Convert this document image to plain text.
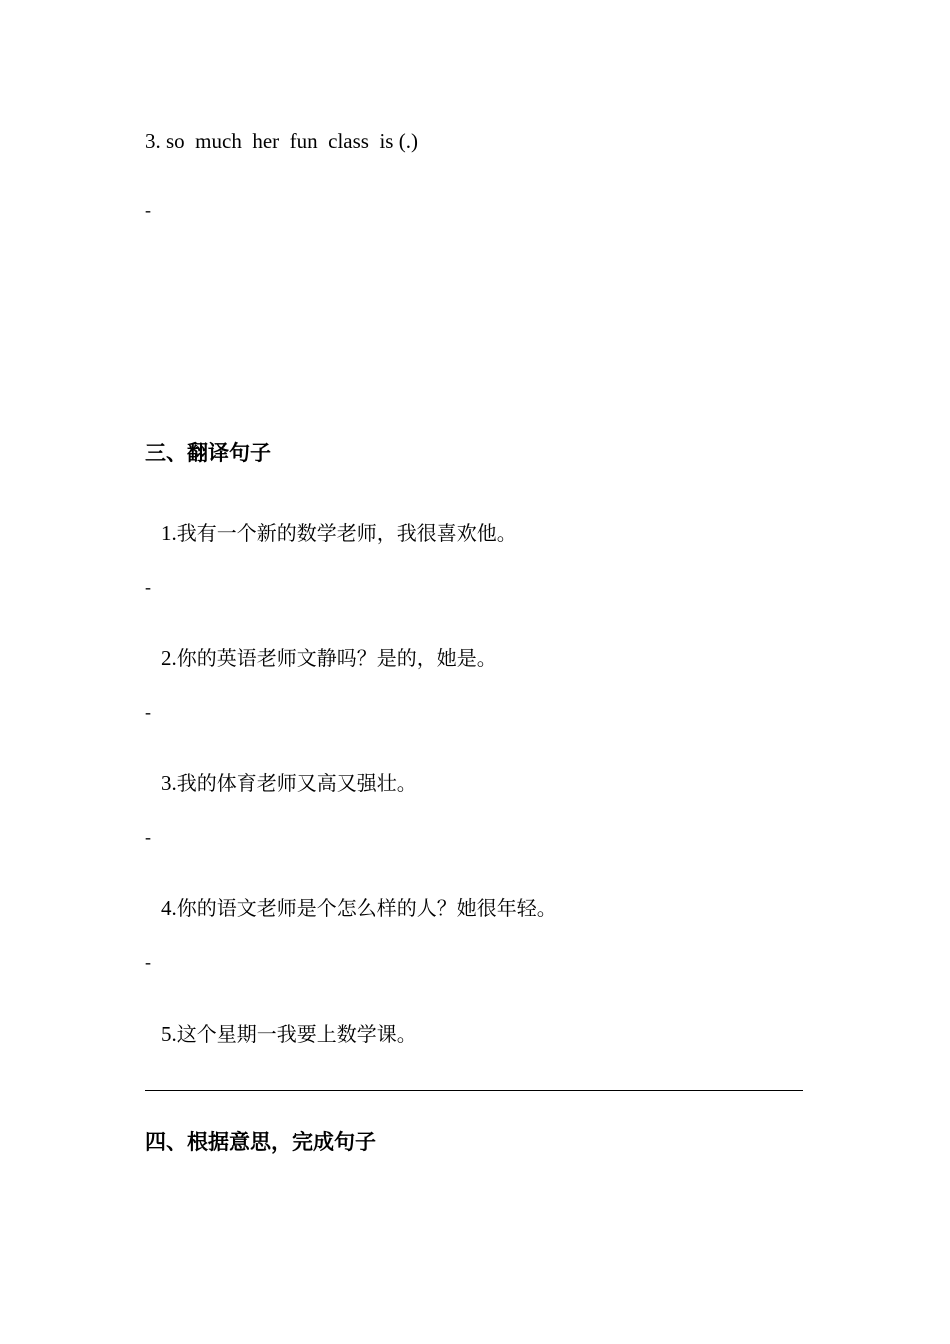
3. so  much  her  fun  class  is (.)
-
三、翻译句子

1.我有一个新的数学老师，我很喜欢他。

-

2.你的英语老师文静吗？是的，她是。

-

3.我的体育老师又高又强壮。

-

4.你的语文老师是个怎么样的人？她很年轻。

-

5.这个星期一我要上数学课。

四、根据意思，完成句子
